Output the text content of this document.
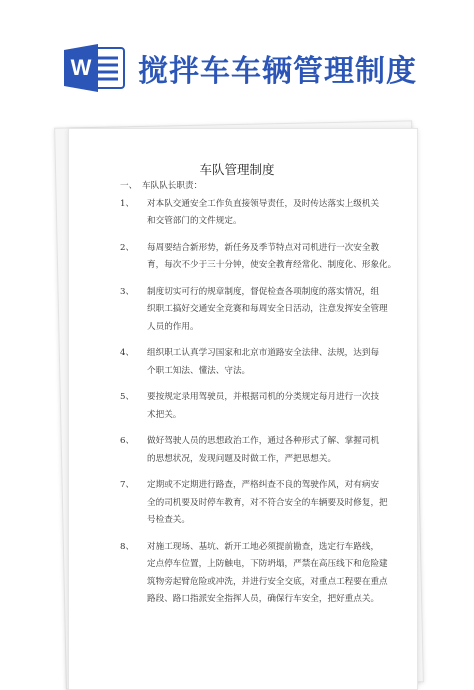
W 搅拌车车辆管理制度
车队管理制度
一、 车队队长职责：
1、	对本队交通安全工作负直接领导责任，及时传达落实上级机关
和交管部门的文件规定。
2、	每周要结合新形势，新任务及季节特点对司机进行一次安全教
育，每次不少于三十分钟，使安全教育经常化、制度化、形象化。
3、	制度切实可行的规章制度，督促检查各项制度的落实情况，组
织职工搞好交通安全竞赛和每周安全日活动，注意发挥安全管理
人员的作用。
4、	组织职工认真学习国家和北京市道路安全法律、法规，达到每
个职工知法、懂法、守法。
5、	要按规定录用驾驶员，并根据司机的分类规定每月进行一次技
术把关。
6、	做好驾驶人员的思想政治工作，通过各种形式了解、掌握司机
的思想状况，发现问题及时做工作，严把思想关。
7、	定期或不定期进行路查，严格纠查不良的驾驶作风，对有病安
全的司机要及时停车教育，对不符合安全的车辆要及时修复，把
号检查关。
8、	对施工现场、基坑、新开工地必须提前勘查，选定行车路线，
定点停车位置，上防触电，下防坍塌，严禁在高压线下和危险建
筑物旁起臂危险或冲洗，并进行安全交底，对重点工程要在重点
路段、路口指派安全指挥人员，确保行车安全，把好重点关。
